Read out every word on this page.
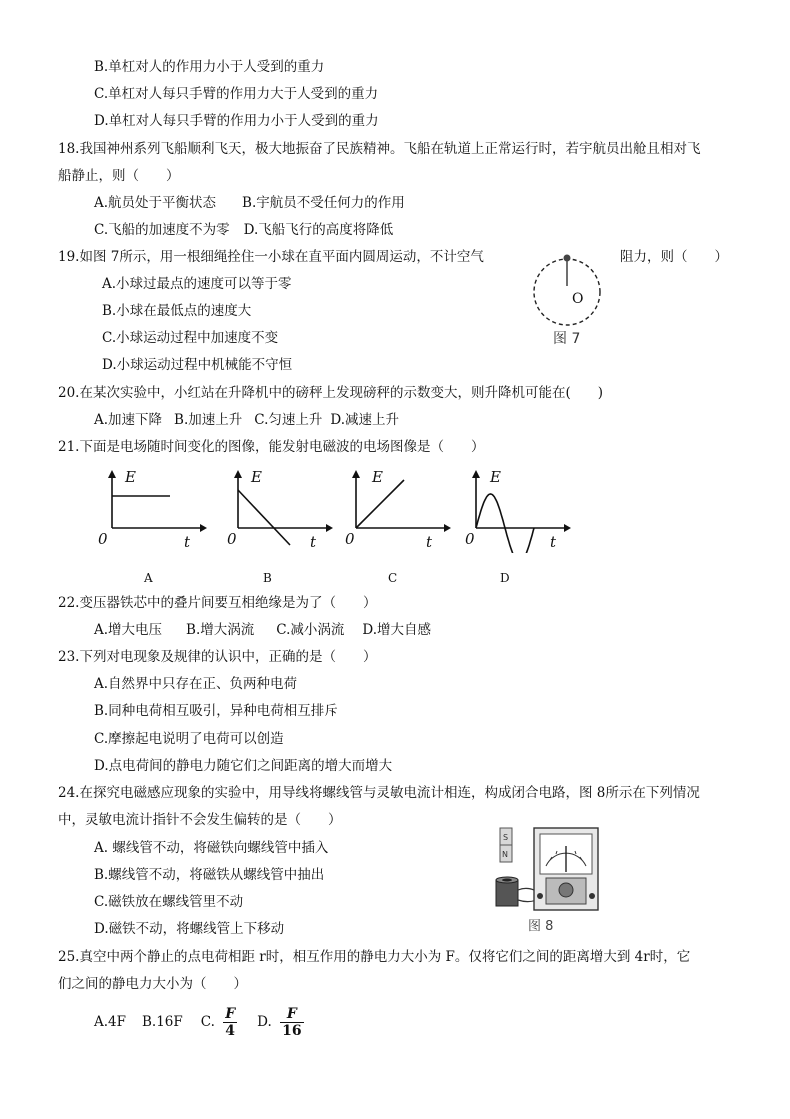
B.单杠对人的作用力小于人受到的重力
C.单杠对人每只手臂的作用力大于人受到的重力
D.单杠对人每只手臂的作用力小于人受到的重力
18.我国神州系列飞船顺利飞天，极大地振奋了民族精神。飞船在轨道上正常运行时，若宇航员出舱且相对飞
船静止，则（　　）
A.航员处于平衡状态 B.宇航员不受任何力的作用
C.飞船的加速度不为零 D.飞船飞行的高度将降低
19.如图 7所示，用一根细绳拴住一小球在直平面内圆周运动，不计空气	阻力，则（　　）
A.小球过最点的速度可以等于零
B.小球在最低点的速度大
C.小球运动过程中加速度不变
D.小球运动过程中机械能不守恒
O
图 7
20.在某次实验中，小红站在升降机中的磅秤上发现磅秤的示数变大，则升降机可能在(　　)
A.加速下降 B.加速上升 C.匀速上升 D.减速上升
21.下面是电场随时间变化的图像，能发射电磁波的电场图像是（　　）
E
0	t
E
0	t
E
0	t
E
0	t
A	B	C	D
22.变压器铁芯中的叠片间要互相绝缘是为了（　　）
A.增大电压 B.增大涡流 C.减小涡流 D.增大自感
23.下列对电现象及规律的认识中，正确的是（　　）
A.自然界中只存在正、负两种电荷
B.同种电荷相互吸引，异种电荷相互排斥
C.摩擦起电说明了电荷可以创造
D.点电荷间的静电力随它们之间距离的增大而增大
24.在探究电磁感应现象的实验中，用导线将螺线管与灵敏电流计相连，构成闭合电路，图 8所示在下列情况
中，灵敏电流计指针不会发生偏转的是（　　）
A. 螺线管不动，将磁铁向螺线管中插入
B.螺线管不动，将磁铁从螺线管中抽出
C.磁铁放在螺线管里不动
D.磁铁不动，将螺线管上下移动
S
N
图 8
25.真空中两个静止的点电荷相距 r时，相互作用的静电力大小为 F。仅将它们之间的距离增大到 4r时，它
们之间的静电力大小为（　　）
A.4F B.16F C. $\frac{F}{4} D$. $\frac{F}{16}$
